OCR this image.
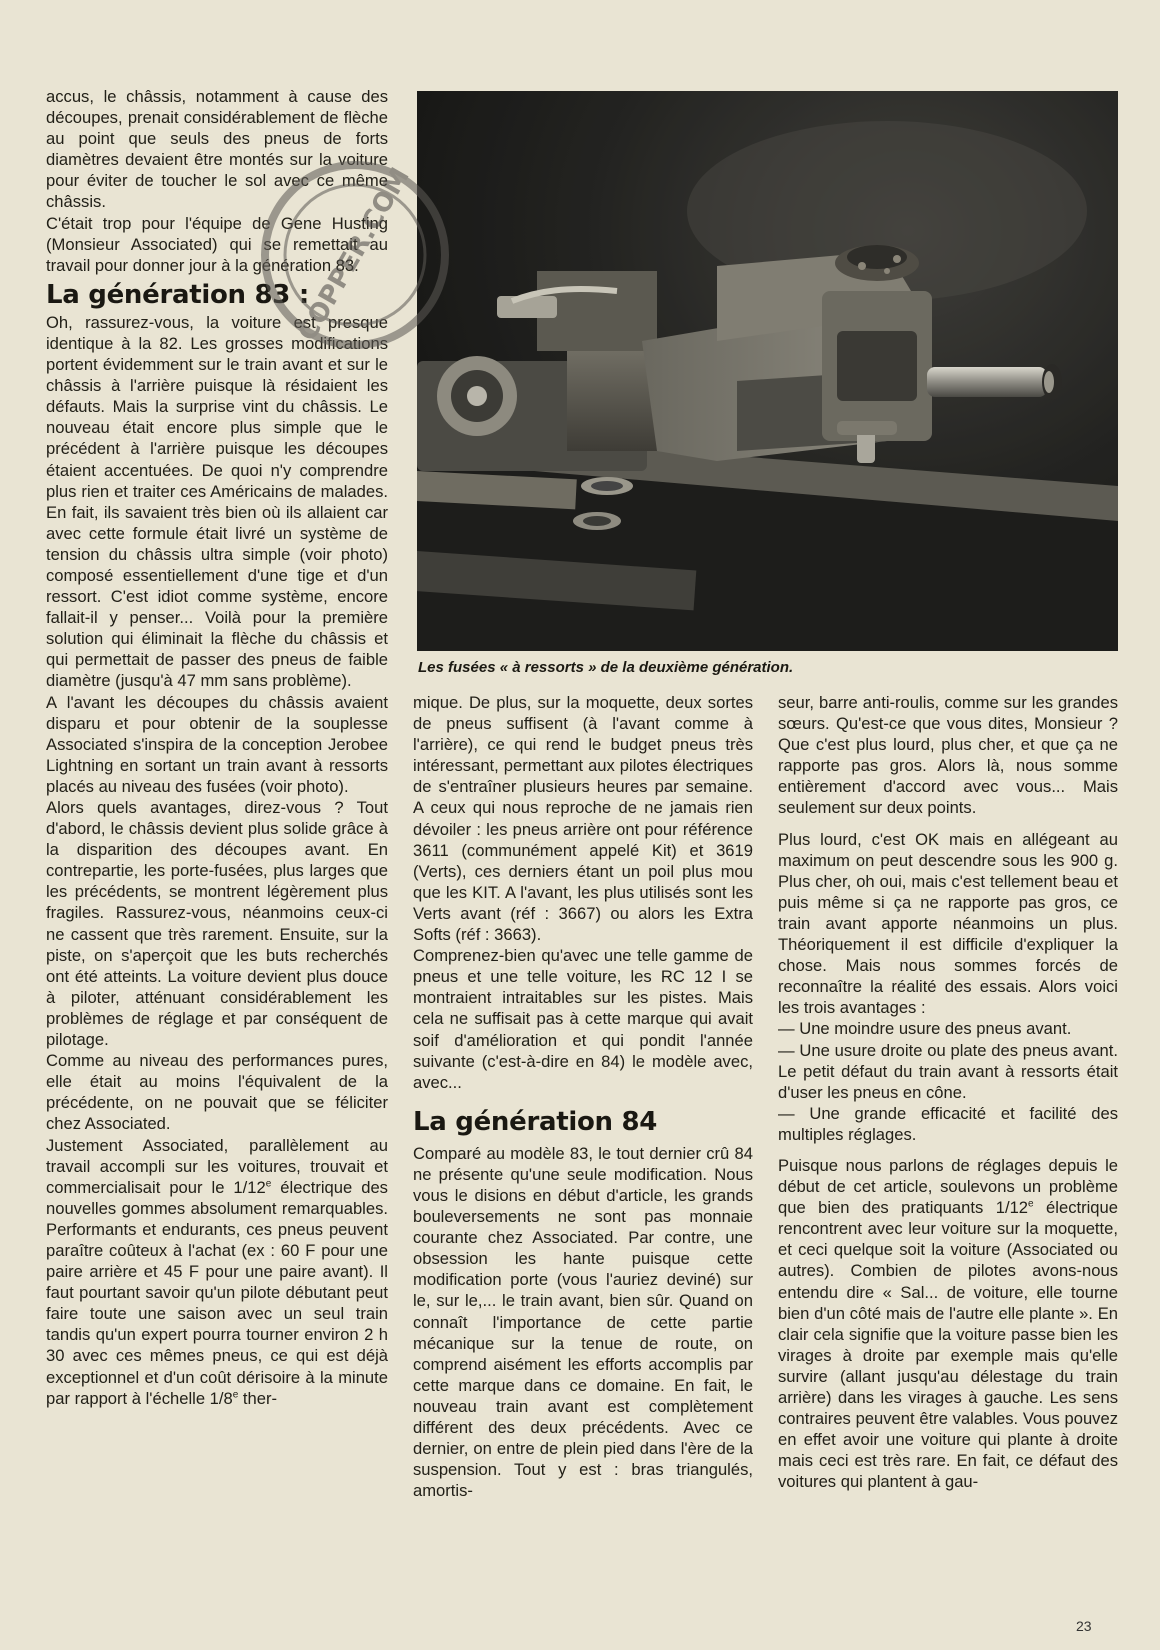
accus, le châssis, notamment à cause des découpes, prenait considérablement de flèche au point que seuls des pneus de forts diamètres devaient être montés sur la voiture pour éviter de toucher le sol avec ce même châssis.

C'était trop pour l'équipe de Gene Husting (Monsieur Associated) qui se remettait au travail pour donner jour à la génération 83.

La génération 83 :

Oh, rassurez-vous, la voiture est presque identique à la 82. Les grosses modifications portent évidemment sur le train avant et sur le châssis à l'arrière puisque là résidaient les défauts. Mais la surprise vint du châssis. Le nouveau était encore plus simple que le précédent à l'arrière puisque les découpes étaient accentuées. De quoi n'y comprendre plus rien et traiter ces Américains de malades. En fait, ils savaient très bien où ils allaient car avec cette formule était livré un système de tension du châssis ultra simple (voir photo) composé essentiellement d'une tige et d'un ressort. C'est idiot comme système, encore fallait-il y penser... Voilà pour la première solution qui éliminait la flèche du châssis et qui permettait de passer des pneus de faible diamètre (jusqu'à 47 mm sans problème).

A l'avant les découpes du châssis avaient disparu et pour obtenir de la souplesse Associated s'inspira de la conception Jerobee Lightning en sortant un train avant à ressorts placés au niveau des fusées (voir photo).

Alors quels avantages, direz-vous ? Tout d'abord, le châssis devient plus solide grâce à la disparition des découpes avant. En contrepartie, les porte-fusées, plus larges que les précédents, se montrent légèrement plus fragiles. Rassurez-vous, néanmoins ceux-ci ne cassent que très rarement. Ensuite, sur la piste, on s'aperçoit que les buts recherchés ont été atteints. La voiture devient plus douce à piloter, atténuant considérablement les problèmes de réglage et par conséquent de pilotage.

Comme au niveau des performances pures, elle était au moins l'équivalent de la précédente, on ne pouvait que se féliciter chez Associated.

Justement Associated, parallèlement au travail accompli sur les voitures, trouvait et commercialisait pour le 1/12e électrique des nouvelles gommes absolument remarquables. Performants et endurants, ces pneus peuvent paraître coûteux à l'achat (ex : 60 F pour une paire arrière et 45 F pour une paire avant). Il faut pourtant savoir qu'un pilote débutant peut faire toute une saison avec un seul train tandis qu'un expert pourra tourner environ 2 h 30 avec ces mêmes pneus, ce qui est déjà exceptionnel et d'un coût dérisoire à la minute par rapport à l'échelle 1/8e ther-

Les fusées « à ressorts » de la deuxième génération.

mique. De plus, sur la moquette, deux sortes de pneus suffisent (à l'avant comme à l'arrière), ce qui rend le budget pneus très intéressant, permettant aux pilotes électriques de s'entraîner plusieurs heures par semaine. A ceux qui nous reproche de ne jamais rien dévoiler : les pneus arrière ont pour référence 3611 (communément appelé Kit) et 3619 (Verts), ces derniers étant un poil plus mou que les KIT. A l'avant, les plus utilisés sont les Verts avant (réf : 3667) ou alors les Extra Softs (réf : 3663).

Comprenez-bien qu'avec une telle gamme de pneus et une telle voiture, les RC 12 I se montraient intraitables sur les pistes. Mais cela ne suffisait pas à cette marque qui avait soif d'amélioration et qui pondit l'année suivante (c'est-à-dire en 84) le modèle avec, avec...

La génération 84

Comparé au modèle 83, le tout dernier crû 84 ne présente qu'une seule modification. Nous vous le disions en début d'article, les grands bouleversements ne sont pas monnaie courante chez Associated. Par contre, une obsession les hante puisque cette modification porte (vous l'auriez deviné) sur le, sur le,... le train avant, bien sûr. Quand on connaît l'importance de cette partie mécanique sur la tenue de route, on comprend aisément les efforts accomplis par cette marque dans ce domaine. En fait, le nouveau train avant est complètement différent des deux précédents. Avec ce dernier, on entre de plein pied dans l'ère de la suspension. Tout y est : bras triangulés, amortis-

seur, barre anti-roulis, comme sur les grandes sœurs. Qu'est-ce que vous dites, Monsieur ? Que c'est plus lourd, plus cher, et que ça ne rapporte pas gros. Alors là, nous somme entièrement d'accord avec vous... Mais seulement sur deux points.

Plus lourd, c'est OK mais en allégeant au maximum on peut descendre sous les 900 g. Plus cher, oh oui, mais c'est tellement beau et puis même si ça ne rapporte pas gros, ce train avant apporte néanmoins un plus. Théoriquement il est difficile d'expliquer la chose. Mais nous sommes forcés de reconnaître la réalité des essais. Alors voici les trois avantages :

— Une moindre usure des pneus avant.

— Une usure droite ou plate des pneus avant. Le petit défaut du train avant à ressorts était d'user les pneus en cône.

— Une grande efficacité et facilité des multiples réglages.

Puisque nous parlons de réglages depuis le début de cet article, soulevons un problème que bien des pratiquants 1/12e électrique rencontrent avec leur voiture sur la moquette, et ceci quelque soit la voiture (Associated ou autres). Combien de pilotes avons-nous entendu dire « Sal... de voiture, elle tourne bien d'un côté mais de l'autre elle plante ». En clair cela signifie que la voiture passe bien les virages à droite par exemple mais qu'elle survire (allant jusqu'au délestage du train arrière) dans les virages à gauche. Les sens contraires peuvent être valables. Vous pouvez en effet avoir une voiture qui plante à droite mais ceci est très rare. En fait, ce défaut des voitures qui plantent à gau-

COPPER.COM
23
